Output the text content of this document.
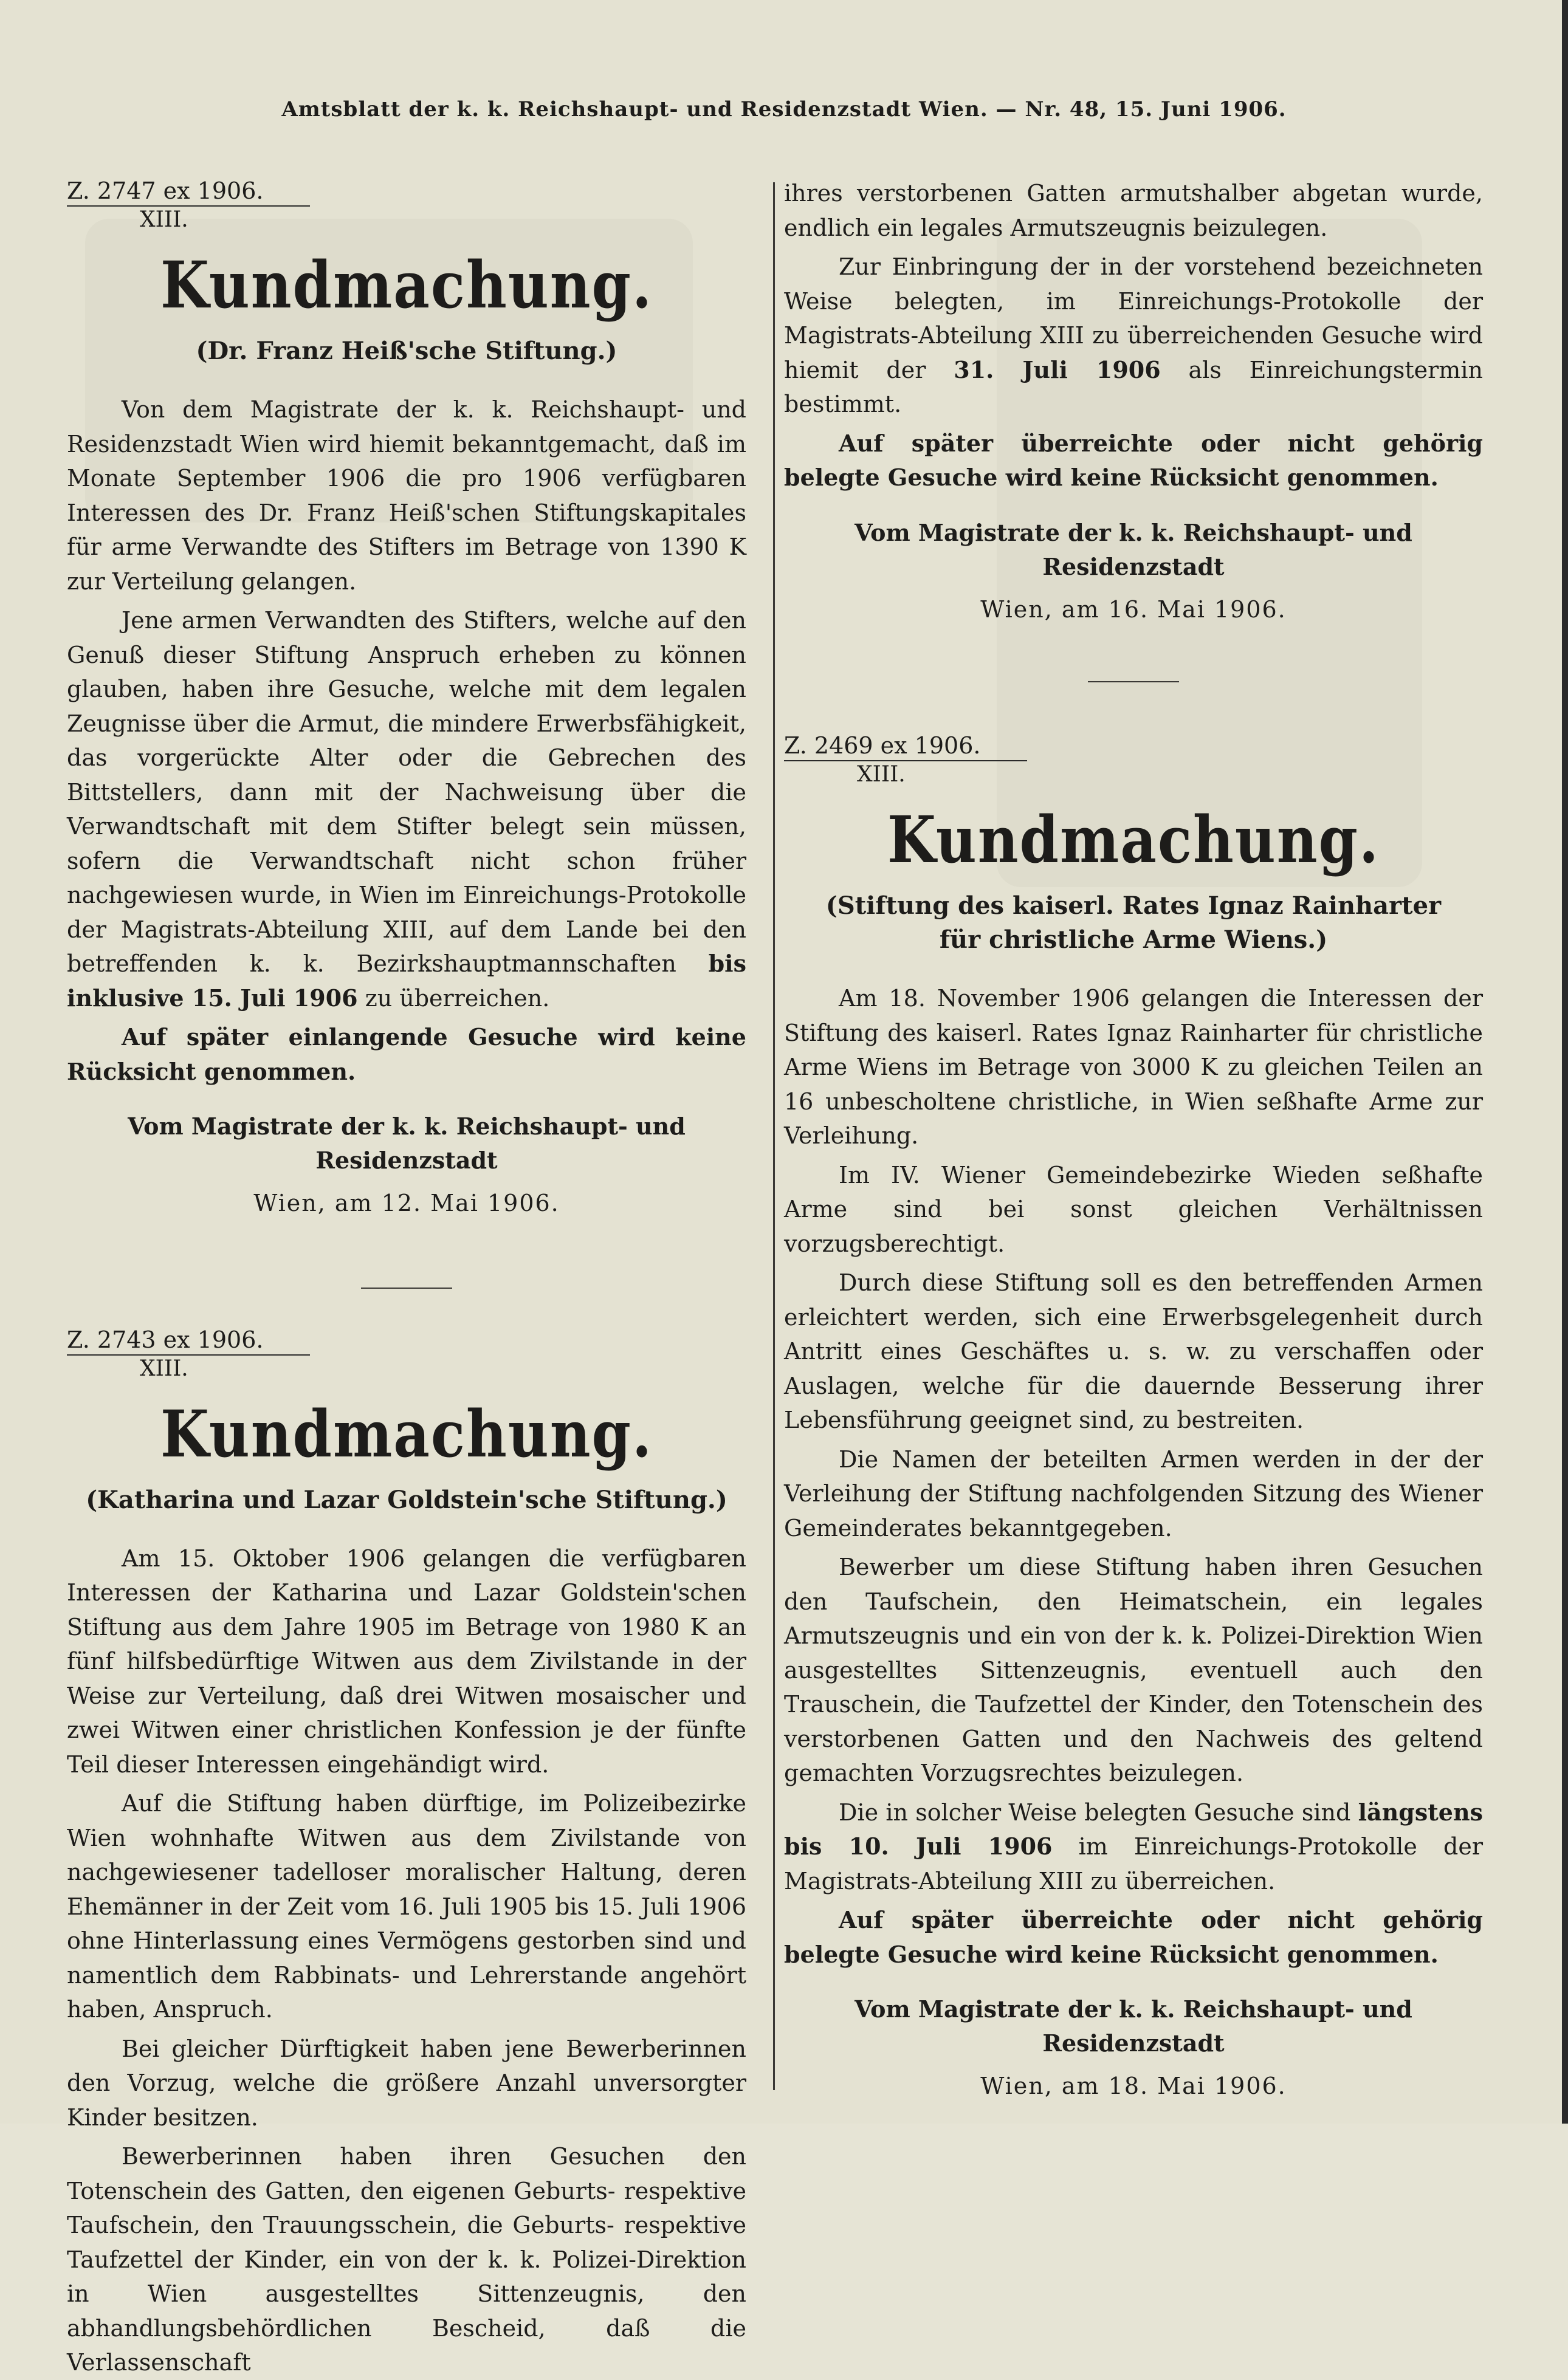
Amtsblatt der k. k. Reichshaupt- und Residenzstadt Wien. — Nr. 48, 15. Juni 1906.
Z. 2747 ex 1906.
XIII.
Kundmachung.
(Dr. Franz Heiß'sche Stiftung.)

Von dem Magistrate der k. k. Reichshaupt- und Residenzstadt Wien wird hiemit bekanntgemacht, daß im Monate September 1906 die pro 1906 verfügbaren Interessen des Dr. Franz Heiß'schen Stiftungskapitales für arme Verwandte des Stifters im Betrage von 1390 K zur Verteilung gelangen.

Jene armen Verwandten des Stifters, welche auf den Genuß dieser Stiftung Anspruch erheben zu können glauben, haben ihre Gesuche, welche mit dem legalen Zeugnisse über die Armut, die mindere Erwerbsfähigkeit, das vorgerückte Alter oder die Gebrechen des Bittstellers, dann mit der Nachweisung über die Verwandtschaft mit dem Stifter belegt sein müssen, sofern die Verwandtschaft nicht schon früher nachgewiesen wurde, in Wien im Einreichungs-Protokolle der Magistrats-Abteilung XIII, auf dem Lande bei den betreffenden k. k. Bezirkshauptmannschaften bis inklusive 15. Juli 1906 zu überreichen.

Auf später einlangende Gesuche wird keine Rücksicht genommen.

Vom Magistrate der k. k. Reichshaupt- und Residenzstadt
Wien, am 12. Mai 1906.
Z. 2743 ex 1906.
XIII.
Kundmachung.
(Katharina und Lazar Goldstein'sche Stiftung.)

Am 15. Oktober 1906 gelangen die verfügbaren Interessen der Katharina und Lazar Goldstein'schen Stiftung aus dem Jahre 1905 im Betrage von 1980 K an fünf hilfsbedürftige Witwen aus dem Zivilstande in der Weise zur Verteilung, daß drei Witwen mosaischer und zwei Witwen einer christlichen Konfession je der fünfte Teil dieser Interessen eingehändigt wird.

Auf die Stiftung haben dürftige, im Polizeibezirke Wien wohnhafte Witwen aus dem Zivilstande von nachgewiesener tadelloser moralischer Haltung, deren Ehemänner in der Zeit vom 16. Juli 1905 bis 15. Juli 1906 ohne Hinterlassung eines Vermögens gestorben sind und namentlich dem Rabbinats- und Lehrerstande angehört haben, Anspruch.

Bei gleicher Dürftigkeit haben jene Bewerberinnen den Vorzug, welche die größere Anzahl unversorgter Kinder besitzen.

Bewerberinnen haben ihren Gesuchen den Totenschein des Gatten, den eigenen Geburts- respektive Taufschein, den Trauungsschein, die Geburts- respektive Taufzettel der Kinder, ein von der k. k. Polizei-Direktion in Wien ausgestelltes Sittenzeugnis, den abhandlungsbehördlichen Bescheid, daß die Verlassenschaft

ihres verstorbenen Gatten armutshalber abgetan wurde, endlich ein legales Armutszeugnis beizulegen.

Zur Einbringung der in der vorstehend bezeichneten Weise belegten, im Einreichungs-Protokolle der Magistrats-Abteilung XIII zu überreichenden Gesuche wird hiemit der 31. Juli 1906 als Einreichungstermin bestimmt.

Auf später überreichte oder nicht gehörig belegte Gesuche wird keine Rücksicht genommen.

Vom Magistrate der k. k. Reichshaupt- und Residenzstadt
Wien, am 16. Mai 1906.
Z. 2469 ex 1906.
XIII.
Kundmachung.
(Stiftung des kaiserl. Rates Ignaz Rainharter für christliche Arme Wiens.)

Am 18. November 1906 gelangen die Interessen der Stiftung des kaiserl. Rates Ignaz Rainharter für christliche Arme Wiens im Betrage von 3000 K zu gleichen Teilen an 16 unbescholtene christliche, in Wien seßhafte Arme zur Verleihung.

Im IV. Wiener Gemeindebezirke Wieden seßhafte Arme sind bei sonst gleichen Verhältnissen vorzugsberechtigt.

Durch diese Stiftung soll es den betreffenden Armen erleichtert werden, sich eine Erwerbsgelegenheit durch Antritt eines Geschäftes u. s. w. zu verschaffen oder Auslagen, welche für die dauernde Besserung ihrer Lebensführung geeignet sind, zu bestreiten.

Die Namen der beteilten Armen werden in der der Verleihung der Stiftung nachfolgenden Sitzung des Wiener Gemeinderates bekanntgegeben.

Bewerber um diese Stiftung haben ihren Gesuchen den Taufschein, den Heimatschein, ein legales Armutszeugnis und ein von der k. k. Polizei-Direktion Wien ausgestelltes Sittenzeugnis, eventuell auch den Trauschein, die Taufzettel der Kinder, den Totenschein des verstorbenen Gatten und den Nachweis des geltend gemachten Vorzugsrechtes beizulegen.

Die in solcher Weise belegten Gesuche sind längstens bis 10. Juli 1906 im Einreichungs-Protokolle der Magistrats-Abteilung XIII zu überreichen.

Auf später überreichte oder nicht gehörig belegte Gesuche wird keine Rücksicht genommen.

Vom Magistrate der k. k. Reichshaupt- und Residenzstadt
Wien, am 18. Mai 1906.
